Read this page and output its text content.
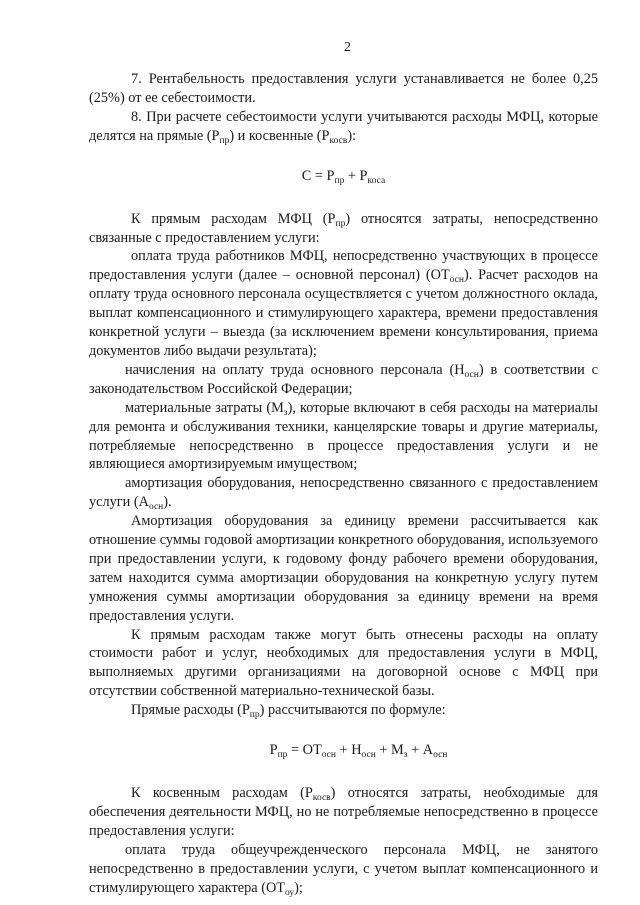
2

7. Рентабельность предоставления услуги устанавливается не более 0,25 (25%) от ее себестоимости.

8. При расчете себестоимости услуги учитываются расходы МФЦ, которые делятся на прямые $(Р_{пр})$ и косвенные $(Р_{косв})$:

$С = Р_{пр} + Р_{коса}$

К прямым расходам МФЦ $(Р_{пр})$ относятся затраты, непосредственно связанные с предоставлением услуги:

оплата труда работников МФЦ, непосредственно участвующих в процессе предоставления услуги (далее – основной персонал) $(ОТ_{осн})$. Расчет расходов на оплату труда основного персонала осуществляется с учетом должностного оклада, выплат компенсационного и стимулирующего характера, времени предоставления конкретной услуги – выезда (за исключением времени консультирования, приема документов либо выдачи результата);

начисления на оплату труда основного персонала $(Н_{осн})$ в соответствии с законодательством Российской Федерации;

материальные затраты $(М_з)$, которые включают в себя расходы на материалы для ремонта и обслуживания техники, канцелярские товары и другие материалы, потребляемые непосредственно в процессе предоставления услуги и не являющиеся амортизируемым имуществом;

амортизация оборудования, непосредственно связанного с предоставлением услуги $(А_{осн})$.

Амортизация оборудования за единицу времени рассчитывается как отношение суммы годовой амортизации конкретного оборудования, используемого при предоставлении услуги, к годовому фонду рабочего времени оборудования, затем находится сумма амортизации оборудования на конкретную услугу путем умножения суммы амортизации оборудования за единицу времени на время предоставления услуги.

К прямым расходам также могут быть отнесены расходы на оплату стоимости работ и услуг, необходимых для предоставления услуги в МФЦ, выполняемых другими организациями на договорной основе с МФЦ при отсутствии собственной материально-технической базы.

Прямые расходы $(Р_{пр})$ рассчитываются по формуле:

$Р_{пр} = ОТ_{осн} + Н_{осн} + М_з + А_{осн}$

К косвенным расходам $(Р_{косв})$ относятся затраты, необходимые для обеспечения деятельности МФЦ, но не потребляемые непосредственно в процессе предоставления услуги:

оплата труда общеучрежденческого персонала МФЦ, не занятого непосредственно в предоставлении услуги, с учетом выплат компенсационного и стимулирующего характера $(ОТ_{оу})$;
